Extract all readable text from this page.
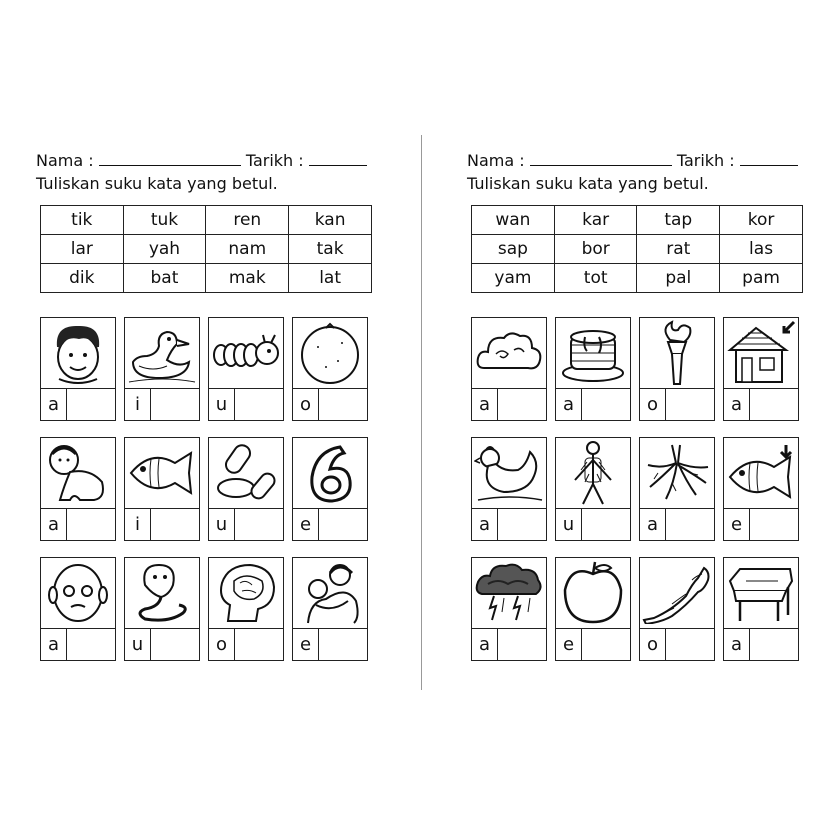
Nama :	Tarikh :
Tuliskan suku kata yang betul.
tik	tuk	ren	kan
lar	yah	nam	tak
dik	bat	mak	lat
a	i	u	o
a	i	u	e
a	u	o	e
Nama :	Tarikh :
Tuliskan suku kata yang betul.
wan	kar	tap	kor
sap	bor	rat	las
yam	tot	pal	pam
a	a	o	a
a	u	a	e
a	e	o	a
